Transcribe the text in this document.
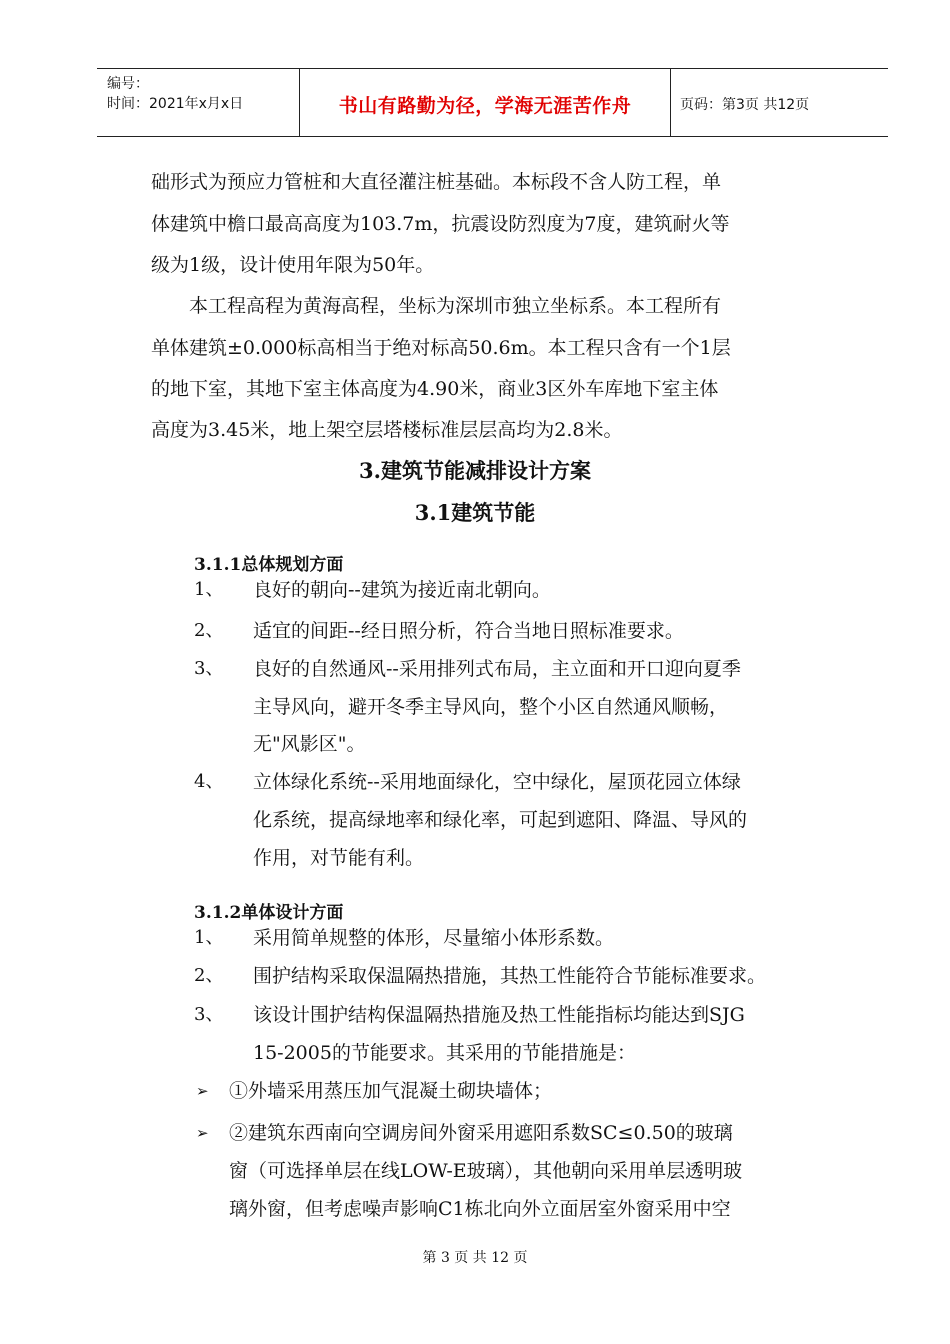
编号：
时间：2021年x月x日	书山有路勤为径，学海无涯苦作舟	页码：第3页 共12页
础形式为预应力管桩和大直径灌注桩基础。本标段不含人防工程，单
体建筑中檐口最高高度为103.7m，抗震设防烈度为7度，建筑耐火等
级为1级，设计使用年限为50年。
　本工程高程为黄海高程，坐标为深圳市独立坐标系。本工程所有
单体建筑±0.000标高相当于绝对标高50.6m。本工程只含有一个1层
的地下室，其地下室主体高度为4.90米，商业3区外车库地下室主体
高度为3.45米，地上架空层塔楼标准层层高均为2.8米。
3.建筑节能减排设计方案
3.1建筑节能
3.1.1总体规划方面
1、 良好的朝向--建筑为接近南北朝向。
2、 适宜的间距--经日照分析，符合当地日照标准要求。
3、 良好的自然通风--采用排列式布局，主立面和开口迎向夏季
主导风向，避开冬季主导风向，整个小区自然通风顺畅，
无"风影区"。
4、 立体绿化系统--采用地面绿化，空中绿化，屋顶花园立体绿
化系统，提高绿地率和绿化率，可起到遮阳、降温、导风的
作用，对节能有利。
3.1.2单体设计方面
1、 采用简单规整的体形，尽量缩小体形系数。
2、 围护结构采取保温隔热措施，其热工性能符合节能标准要求。
3、 该设计围护结构保温隔热措施及热工性能指标均能达到SJG
15-2005的节能要求。其采用的节能措施是：
➢ ①外墙采用蒸压加气混凝土砌块墙体；
➢ ②建筑东西南向空调房间外窗采用遮阳系数SC≤0.50的玻璃
窗（可选择单层在线LOW-E玻璃），其他朝向采用单层透明玻
璃外窗，但考虑噪声影响C1栋北向外立面居室外窗采用中空
第 3 页 共 12 页
